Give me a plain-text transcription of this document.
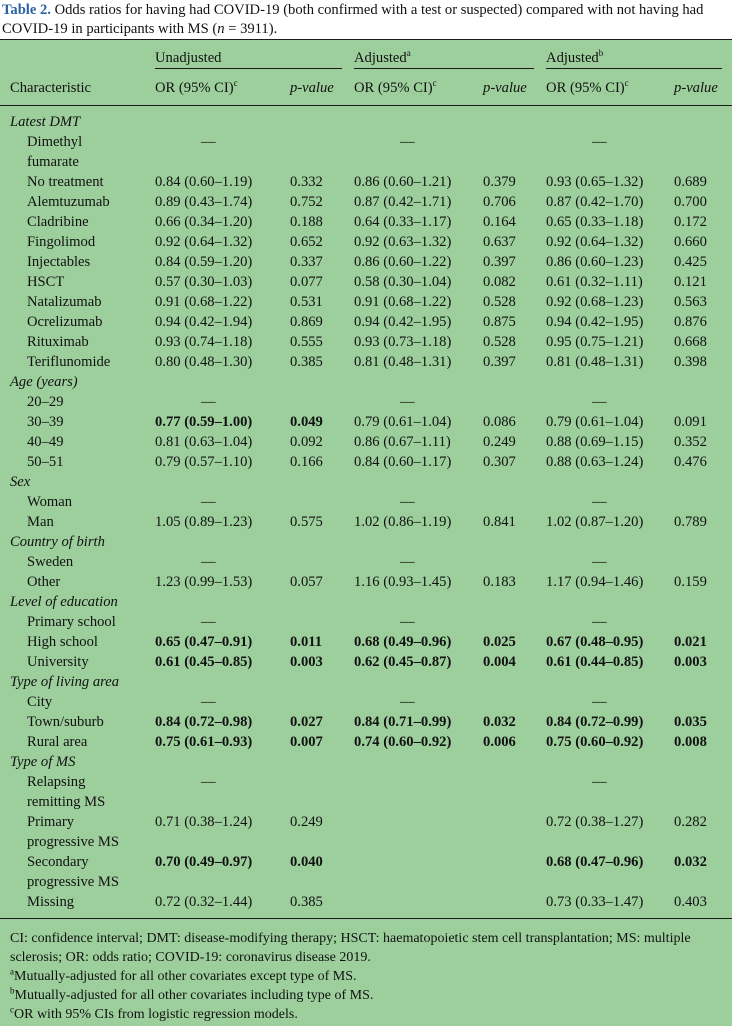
Table 2. Odds ratios for having had COVID-19 (both confirmed with a test or suspected) compared with not having had COVID-19 in participants with MS (n = 3911).

	Unadjusted		Adjusted$^a$		Adjusted$^b$

Characteristic	OR (95% CI)$^c$	p-value	OR (95% CI)$^c$	p-value	OR (95% CI)$^c$	p-value
Latest DMT						

Dimethyl
fumarate	—		—		—	
No treatment	0.84 (0.60–1.19)	0.332	0.86 (0.60–1.21)	0.379	0.93 (0.65–1.32)	0.689
Alemtuzumab	0.89 (0.43–1.74)	0.752	0.87 (0.42–1.71)	0.706	0.87 (0.42–1.70)	0.700
Cladribine	0.66 (0.34–1.20)	0.188	0.64 (0.33–1.17)	0.164	0.65 (0.33–1.18)	0.172
Fingolimod	0.92 (0.64–1.32)	0.652	0.92 (0.63–1.32)	0.637	0.92 (0.64–1.32)	0.660
Injectables	0.84 (0.59–1.20)	0.337	0.86 (0.60–1.22)	0.397	0.86 (0.60–1.23)	0.425
HSCT	0.57 (0.30–1.03)	0.077	0.58 (0.30–1.04)	0.082	0.61 (0.32–1.11)	0.121
Natalizumab	0.91 (0.68–1.22)	0.531	0.91 (0.68–1.22)	0.528	0.92 (0.68–1.23)	0.563
Ocrelizumab	0.94 (0.42–1.94)	0.869	0.94 (0.42–1.95)	0.875	0.94 (0.42–1.95)	0.876
Rituximab	0.93 (0.74–1.18)	0.555	0.93 (0.73–1.18)	0.528	0.95 (0.75–1.21)	0.668
Teriflunomide	0.80 (0.48–1.30)	0.385	0.81 (0.48–1.31)	0.397	0.81 (0.48–1.31)	0.398
Age (years)						
20–29	—		—		—	
30–39	0.77 (0.59–1.00)	0.049	0.79 (0.61–1.04)	0.086	0.79 (0.61–1.04)	0.091
40–49	0.81 (0.63–1.04)	0.092	0.86 (0.67–1.11)	0.249	0.88 (0.69–1.15)	0.352
50–51	0.79 (0.57–1.10)	0.166	0.84 (0.60–1.17)	0.307	0.88 (0.63–1.24)	0.476
Sex						
Woman	—		—		—	
Man	1.05 (0.89–1.23)	0.575	1.02 (0.86–1.19)	0.841	1.02 (0.87–1.20)	0.789
Country of birth						
Sweden	—		—		—	
Other	1.23 (0.99–1.53)	0.057	1.16 (0.93–1.45)	0.183	1.17 (0.94–1.46)	0.159
Level of education						
Primary school	—		—		—	
High school	0.65 (0.47–0.91)	0.011	0.68 (0.49–0.96)	0.025	0.67 (0.48–0.95)	0.021
University	0.61 (0.45–0.85)	0.003	0.62 (0.45–0.87)	0.004	0.61 (0.44–0.85)	0.003
Type of living area						
City	—		—		—	
Town/suburb	0.84 (0.72–0.98)	0.027	0.84 (0.71–0.99)	0.032	0.84 (0.72–0.99)	0.035
Rural area	0.75 (0.61–0.93)	0.007	0.74 (0.60–0.92)	0.006	0.75 (0.60–0.92)	0.008
Type of MS						

Relapsing
remitting MS	—				—	

Primary
progressive MS	0.71 (0.38–1.24)	0.249			0.72 (0.38–1.27)	0.282

Secondary
progressive MS	0.70 (0.49–0.97)	0.040			0.68 (0.47–0.96)	0.032
Missing	0.72 (0.32–1.44)	0.385			0.73 (0.33–1.47)	0.403
CI: confidence interval; DMT: disease-modifying therapy; HSCT: haematopoietic stem cell transplantation; MS: multiple sclerosis; OR: odds ratio; COVID-19: coronavirus disease 2019.
$^a$Mutually-adjusted for all other covariates except type of MS.
$^b$Mutually-adjusted for all other covariates including type of MS.
$^c$OR with 95% CIs from logistic regression models.
